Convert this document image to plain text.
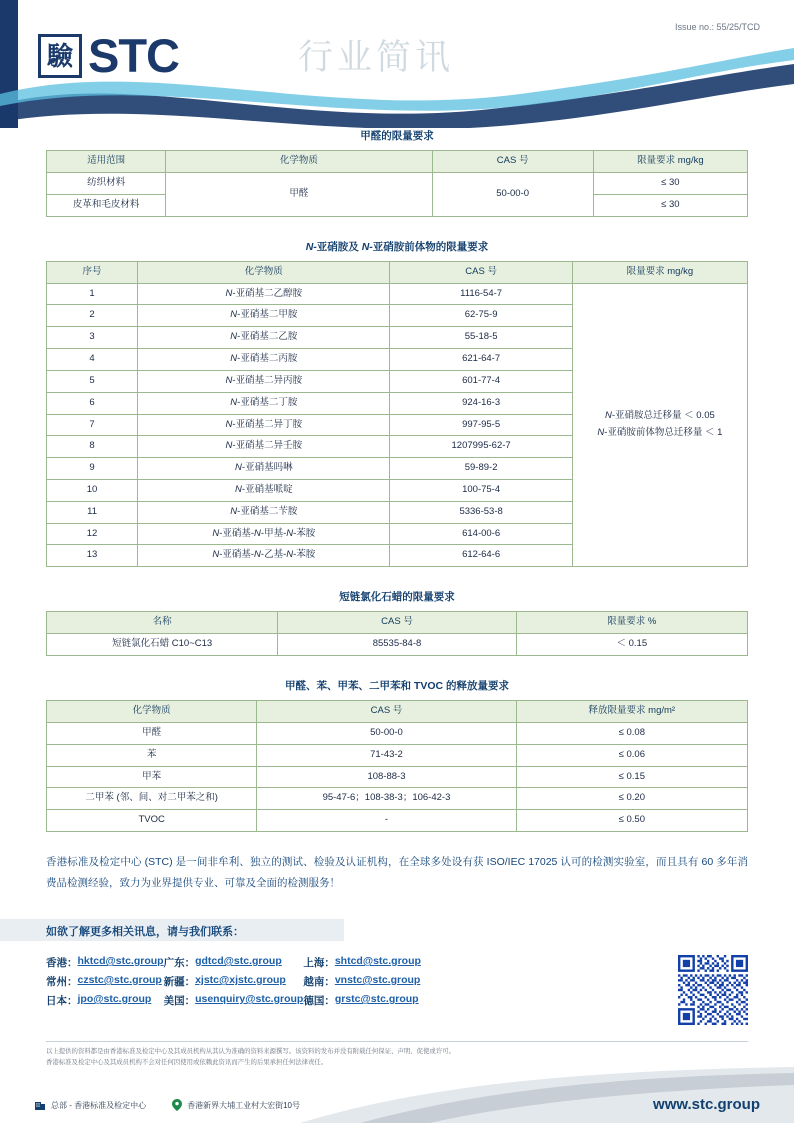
驗 STC	行业简讯
Issue no.: 55/25/TCD
甲醛的限量要求
适用范围	化学物质	CAS 号	限量要求 mg/kg
纺织材料	甲醛	50-00-0	≤ 30
皮革和毛皮材料			≤ 30
N-亚硝胺及 N-亚硝胺前体物的限量要求
序号	化学物质	CAS 号	限量要求 mg/kg
1	N-亚硝基二乙醇胺	1116-54-7	N-亚硝胺总迁移量 ＜ 0.05
N-亚硝胺前体物总迁移量 ＜ 1

2	N-亚硝基二甲胺	62-75-9	
3	N-亚硝基二乙胺	55-18-5	
4	N-亚硝基二丙胺	621-64-7	
5	N-亚硝基二异丙胺	601-77-4	
6	N-亚硝基二丁胺	924-16-3	
7	N-亚硝基二异丁胺	997-95-5	
8	N-亚硝基二异壬胺	1207995-62-7	
9	N-亚硝基吗啉	59-89-2	
10	N-亚硝基哌啶	100-75-4	
11	N-亚硝基二苄胺	5336-53-8	
12	N-亚硝基-N-甲基-N-苯胺	614-00-6	
13	N-亚硝基-N-乙基-N-苯胺	612-64-6	
短链氯化石蜡的限量要求
名称	CAS 号	限量要求 %
短链氯化石蜡 C10~C13	85535-84-8	＜ 0.15
甲醛、苯、甲苯、二甲苯和 TVOC 的释放量要求
化学物质	CAS 号	释放限量要求 mg/m²
甲醛	50-00-0	≤ 0.08
苯	71-43-2	≤ 0.06
甲苯	108-88-3	≤ 0.15
二甲苯 (邻、间、对二甲苯之和)	95-47-6；108-38-3；106-42-3	≤ 0.20
TVOC	-	≤ 0.50
香港标准及检定中心 (STC) 是一间非牟利、独立的测试、检验及认证机构，在全球多处设有获 ISO/IEC 17025 认可的检测实验室，而且具有 60 多年消费品检测经验，致力为业界提供专业、可靠及全面的检测服务！
如欲了解更多相关讯息，请与我们联系：
香港：	hktcd@stc.group	广东：	gdtcd@stc.group	上海：	shtcd@stc.group
常州：	czstc@stc.group	新疆：	xjstc@xjstc.group	越南：	vnstc@stc.group
日本：	jpo@stc.group	美国：	usenquiry@stc.group	德国：	grstc@stc.group
以上提供的资料都是由香港标准及检定中心及其成员机构从其认为准确的资料来源撰写。该资料的发布并没有附载任何保证、声明、促使或许可。
香港标准及检定中心及其成员机构不会对任何因使用或依赖此资讯而产生的后果承担任何法律责任。
总部 - 香港标准及检定中心	香港新界大埔工业村大宏街10号	www.stc.group
